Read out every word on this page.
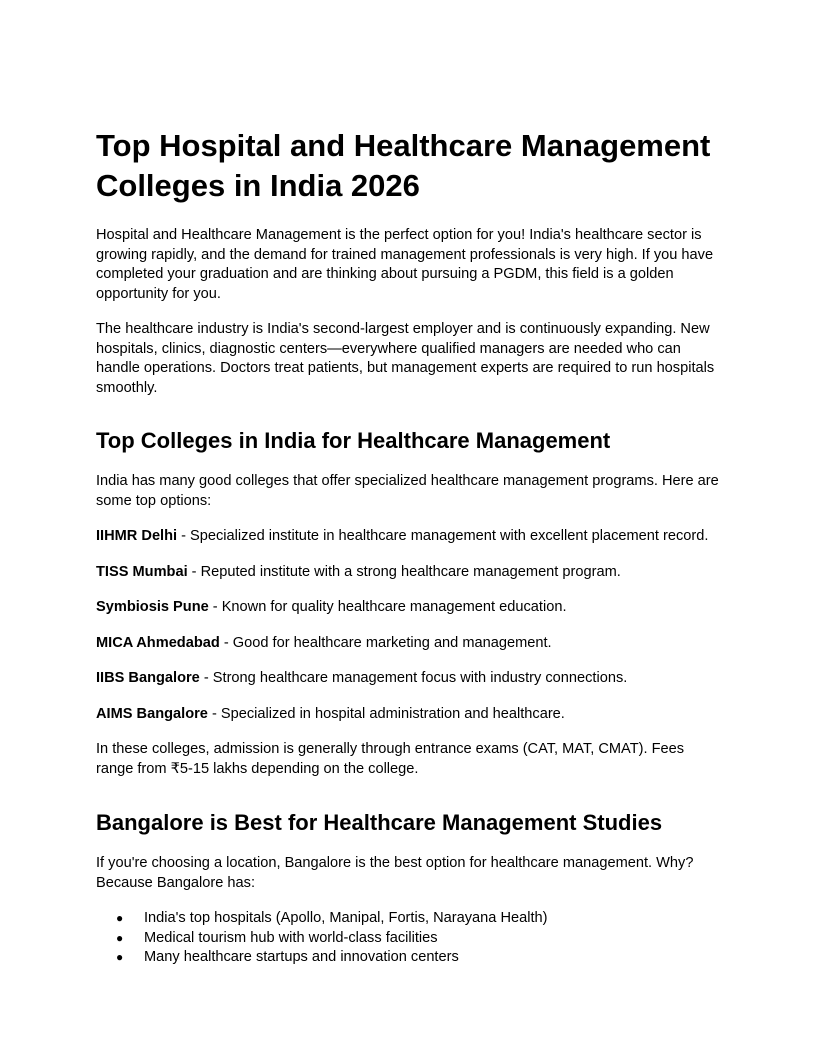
Top Hospital and Healthcare Management Colleges in India 2026

Hospital and Healthcare Management is the perfect option for you! India's healthcare sector is growing rapidly, and the demand for trained management professionals is very high. If you have completed your graduation and are thinking about pursuing a PGDM, this field is a golden opportunity for you.

The healthcare industry is India's second-largest employer and is continuously expanding. New hospitals, clinics, diagnostic centers—everywhere qualified managers are needed who can handle operations. Doctors treat patients, but management experts are required to run hospitals smoothly.

Top Colleges in India for Healthcare Management

India has many good colleges that offer specialized healthcare management programs. Here are some top options:

IIHMR Delhi - Specialized institute in healthcare management with excellent placement record.

TISS Mumbai - Reputed institute with a strong healthcare management program.

Symbiosis Pune - Known for quality healthcare management education.

MICA Ahmedabad - Good for healthcare marketing and management.

IIBS Bangalore - Strong healthcare management focus with industry connections.

AIMS Bangalore - Specialized in hospital administration and healthcare.

In these colleges, admission is generally through entrance exams (CAT, MAT, CMAT). Fees range from ₹5-15 lakhs depending on the college.

Bangalore is Best for Healthcare Management Studies

If you're choosing a location, Bangalore is the best option for healthcare management. Why? Because Bangalore has:

● India's top hospitals (Apollo, Manipal, Fortis, Narayana Health)
● Medical tourism hub with world-class facilities
● Many healthcare startups and innovation centers
